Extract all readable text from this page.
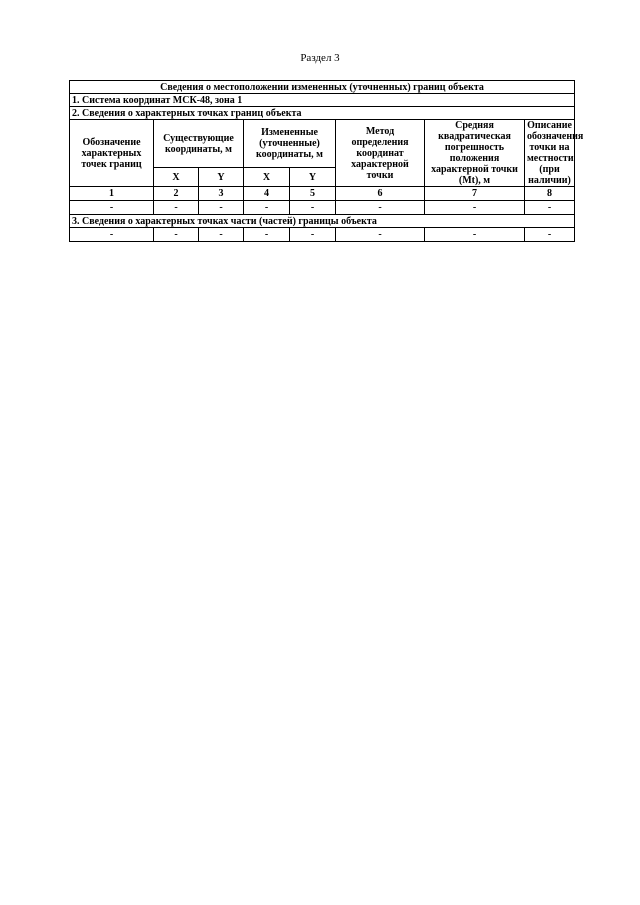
Раздел 3
Сведения о местоположении измененных (уточненных) границ объекта							
1. Система координат МСК-48, зона 1							
2. Сведения о характерных точках границ объекта							
Обозначение характерных точек границ	Существующие координаты, м		Измененные (уточненные) координаты, м		Метод определения координат характерной точки	Средняя квадратическая погрешность положения характерной точки (Mt), м	Описание обозначения точки на местности (при наличии)
	X	Y	X	Y			
1	2	3	4	5	6	7	8
-	-	-	-	-	-	-	-
3. Сведения о характерных точках части (частей) границы объекта							
-	-	-	-	-	-	-	-
